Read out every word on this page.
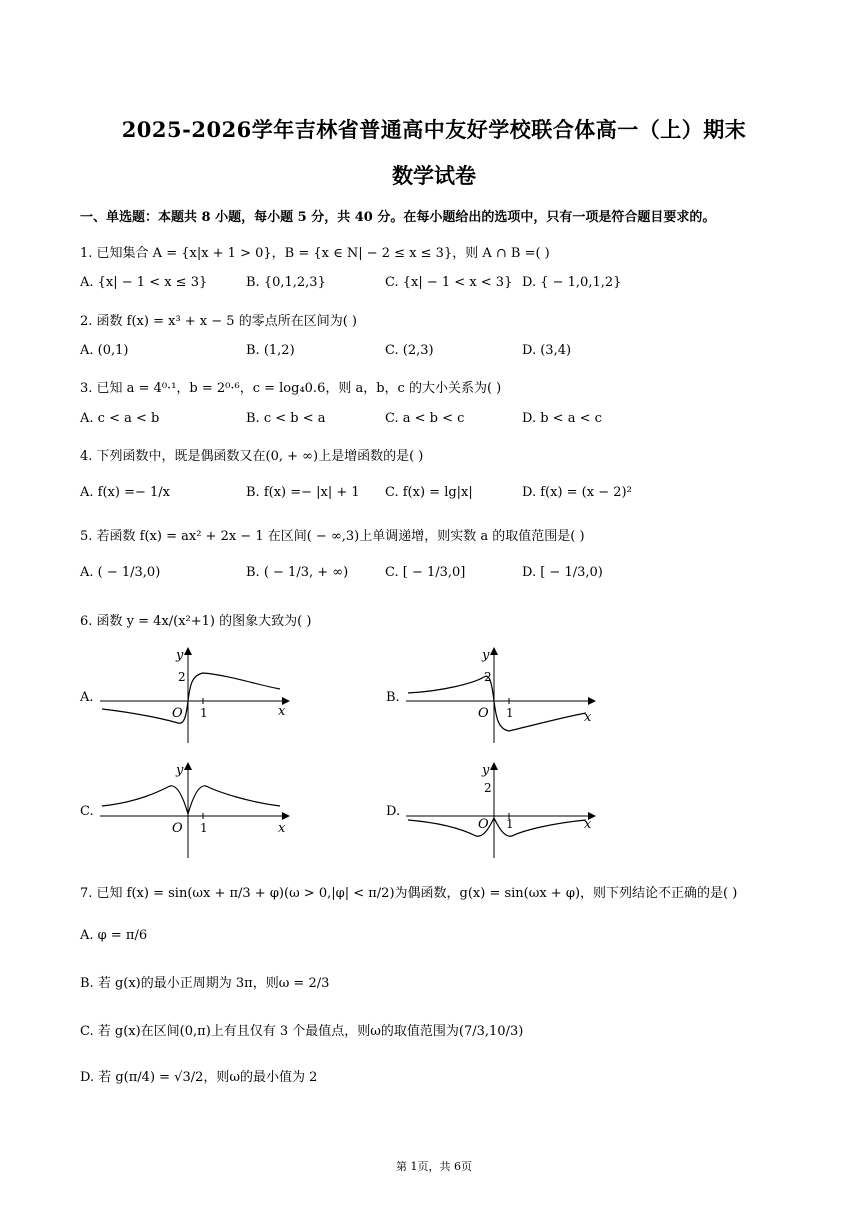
2025-2026学年吉林省普通高中友好学校联合体高一（上）期末
数学试卷
一、单选题：本题共 8 小题，每小题 5 分，共 40 分。在每小题给出的选项中，只有一项是符合题目要求的。
1. 已知集合 A = {x|x + 1 > 0}，B = {x ∈ N| − 2 ≤ x ≤ 3}，则 A ∩ B =( )
A. {x| − 1 < x ≤ 3}	B. {0,1,2,3}	C. {x| − 1 < x < 3} D. { − 1,0,1,2}
2. 函数 f(x) = x³ + x − 5 的零点所在区间为( )
A. (0,1)	B. (1,2)	C. (2,3)	D. (3,4)
3. 已知 a = 4⁰·¹，b = 2⁰·⁶，c = log₄0.6，则 a，b，c 的大小关系为( )
A. c < a < b	B. c < b < a	C. a < b < c	D. b < a < c
4. 下列函数中，既是偶函数又在(0, + ∞)上是增函数的是( )
A. f(x) =− 1/x	B. f(x) =− |x| + 1 C. f(x) = lg|x|	D. f(x) = (x − 2)²
5. 若函数 f(x) = ax² + 2x − 1 在区间( − ∞,3)上单调递增，则实数 a 的取值范围是( )
A. ( − 1/3,0)	B. ( − 1/3, + ∞)	C. [ − 1/3,0]	D. [ − 1/3,0)
6. 函数 y = 4x/(x²+1) 的图象大致为( )
A.	B.
C.	D.
y
2
O 1	x
y
2
O 1	x
y
O 1	x
y
2
O 1	x
7. 已知 f(x) = sin(ωx + π/3 + φ)(ω > 0,|φ| < π/2)为偶函数，g(x) = sin(ωx + φ)，则下列结论不正确的是( )
A. φ = π/6
B. 若 g(x)的最小正周期为 3π，则ω = 2/3
C. 若 g(x)在区间(0,π)上有且仅有 3 个最值点，则ω的取值范围为(7/3,10/3)
D. 若 g(π/4) = √3/2，则ω的最小值为 2
第 1页，共 6页
